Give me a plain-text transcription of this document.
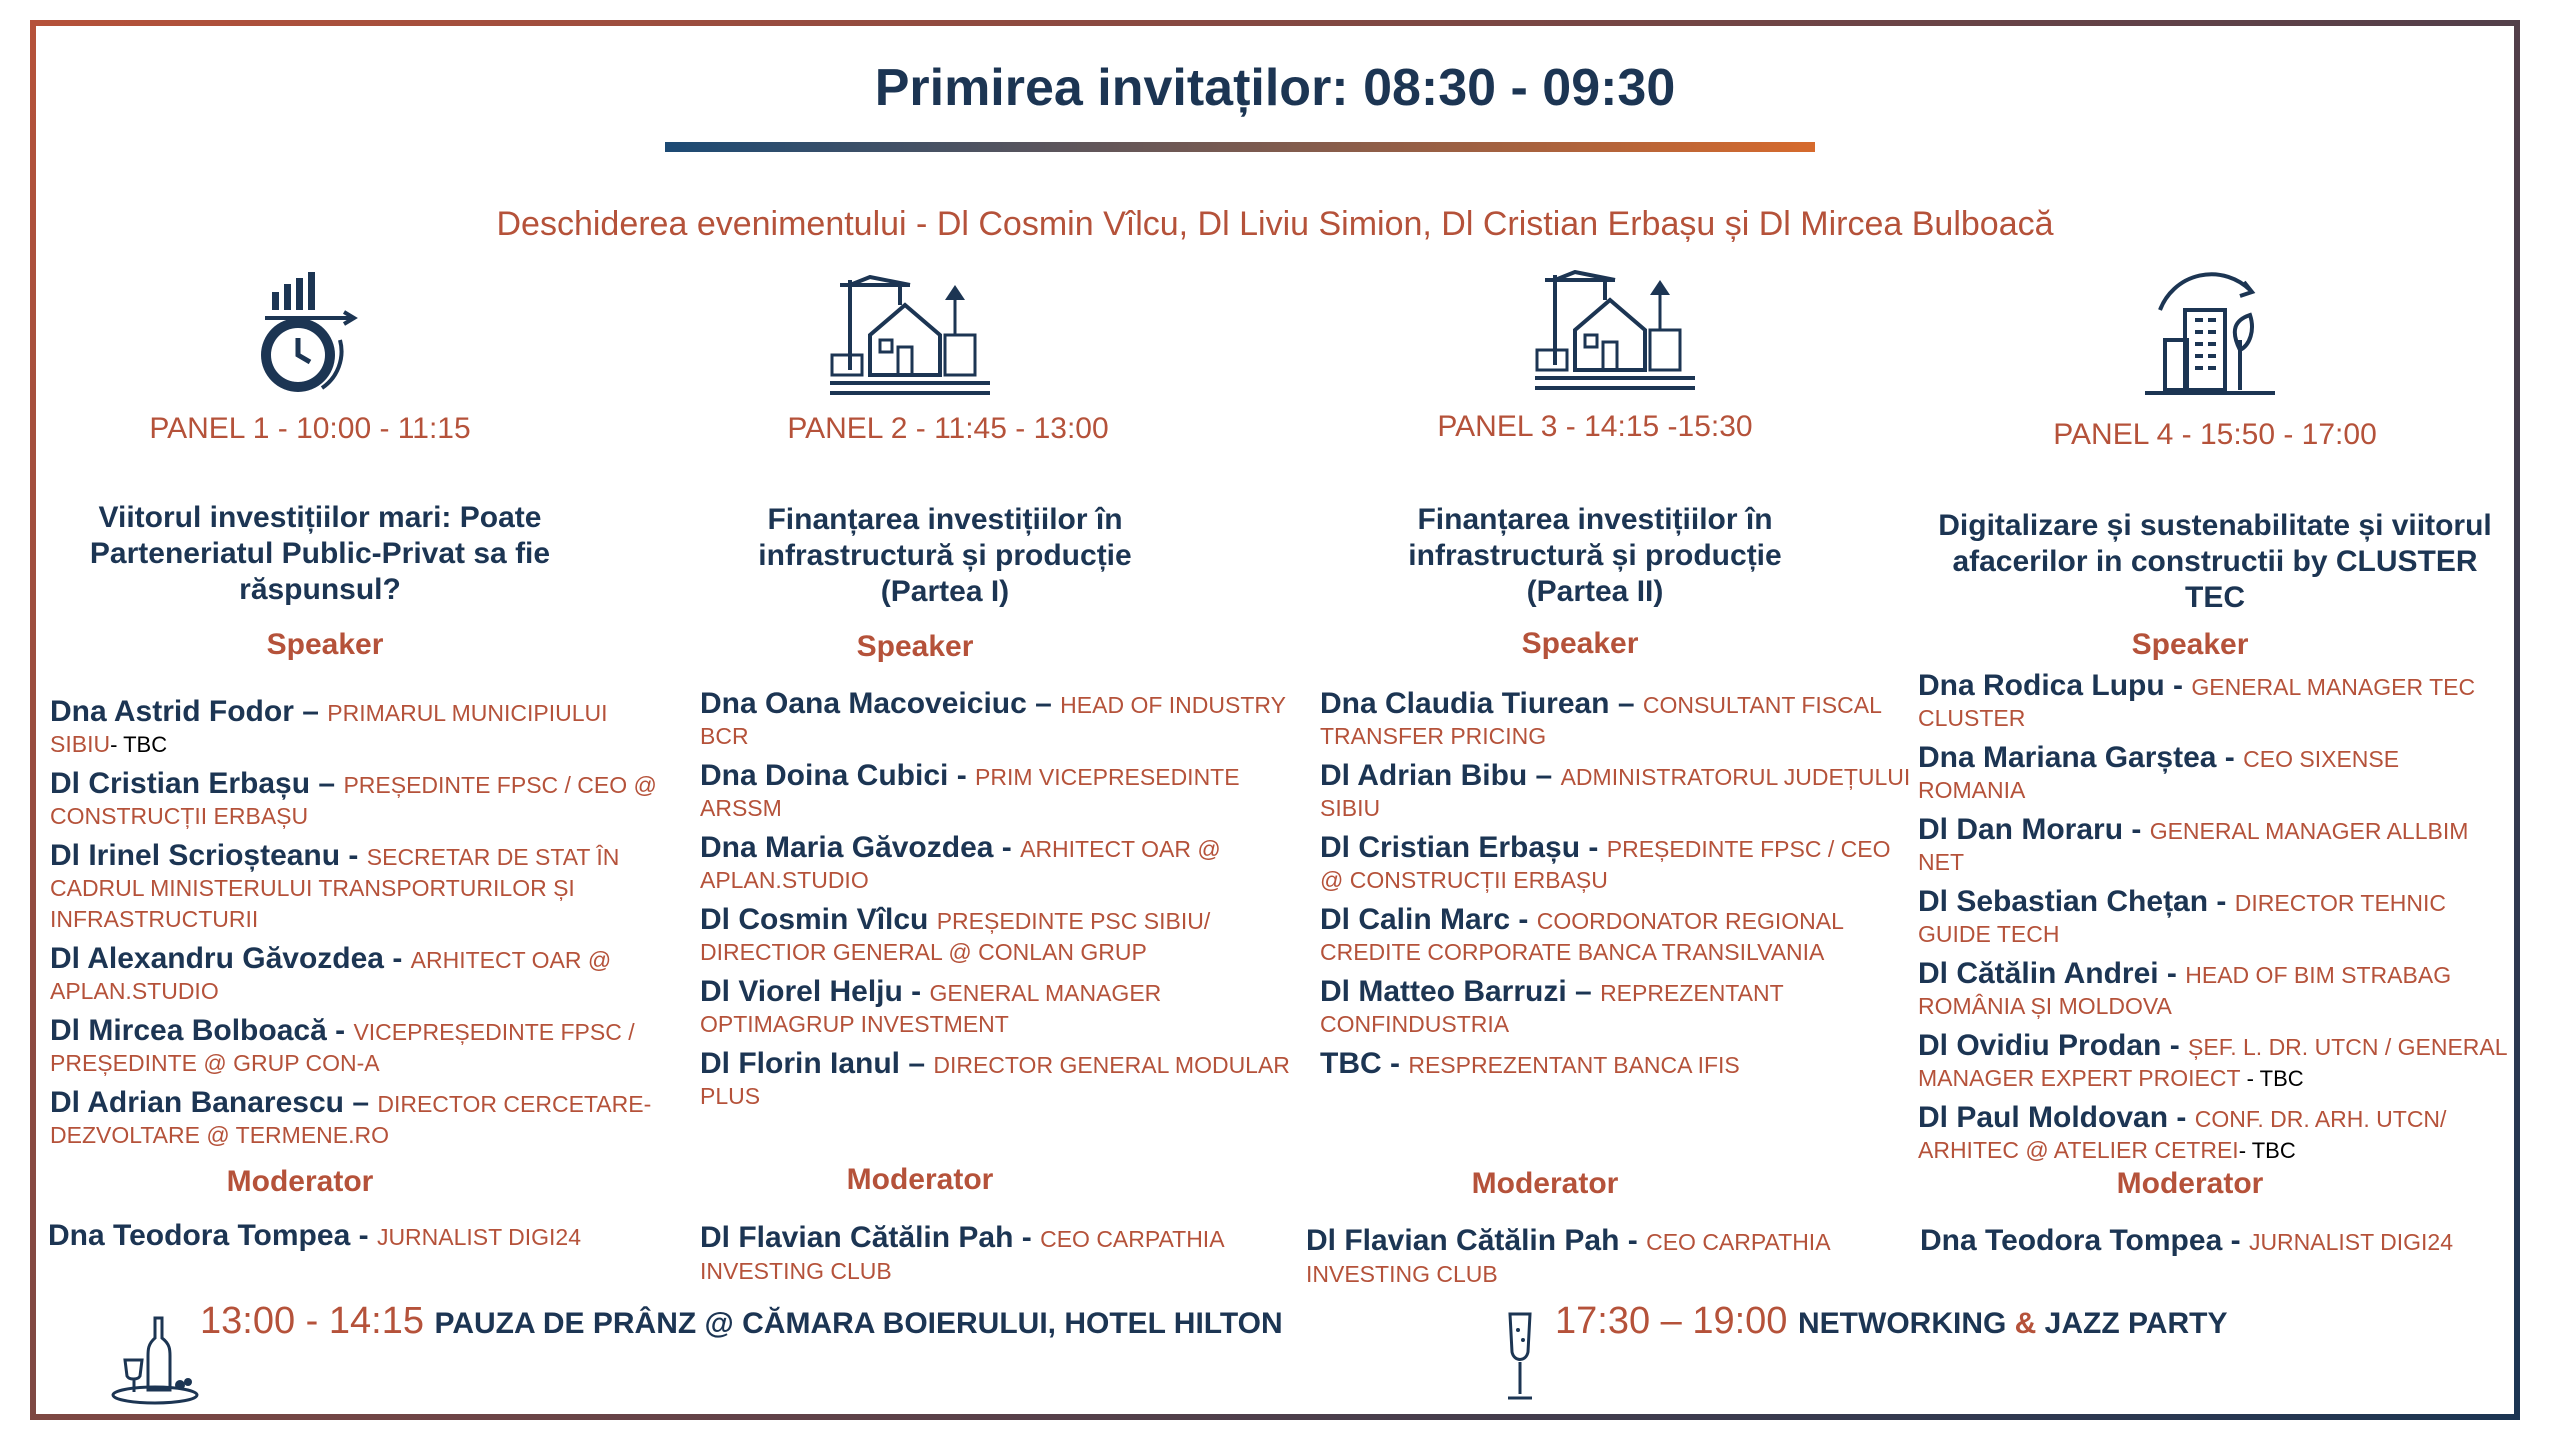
Primirea invitaților: 08:30 - 09:30
Deschiderea evenimentului - Dl Cosmin Vîlcu, Dl Liviu Simion, Dl Cristian Erbașu și Dl Mircea Bulboacă
PANEL 1 - 10:00 - 11:15
Viitorul investițiilor mari: Poate Parteneriatul Public-Privat sa fie răspunsul?
Speaker
Dna Astrid Fodor – PRIMARUL MUNICIPIULUI SIBIU- TBC
Dl Cristian Erbașu – PREȘEDINTE FPSC / CEO @ CONSTRUCȚII ERBAȘU
Dl Irinel Scrioșteanu - SECRETAR DE STAT ÎN CADRUL MINISTERULUI TRANSPORTURILOR ȘI INFRASTRUCTURII
Dl Alexandru Găvozdea - ARHITECT OAR @ APLAN.STUDIO
Dl Mircea Bolboacă - VICEPREȘEDINTE FPSC / PREȘEDINTE @ GRUP CON-A
Dl Adrian Banarescu – DIRECTOR CERCETARE-DEZVOLTARE @ TERMENE.RO
Moderator
Dna Teodora Tompea - JURNALIST DIGI24
PANEL 2 - 11:45 - 13:00
Finanțarea investițiilor în infrastructură și producție (Partea I)
Speaker
Dna Oana Macoveiciuc – HEAD OF INDUSTRY BCR
Dna Doina Cubici - PRIM VICEPRESEDINTE ARSSM
Dna Maria Găvozdea - ARHITECT OAR @ APLAN.STUDIO
Dl Cosmin Vîlcu PREȘEDINTE PSC SIBIU/ DIRECTIOR GENERAL @ CONLAN GRUP
Dl Viorel Helju - GENERAL MANAGER OPTIMAGRUP INVESTMENT
Dl Florin Ianul – DIRECTOR GENERAL MODULAR PLUS
Moderator
Dl Flavian Cătălin Pah - CEO CARPATHIA INVESTING CLUB
PANEL 3 - 14:15 -15:30
Finanțarea investițiilor în infrastructură și producție (Partea II)
Speaker
Dna Claudia Tiurean – CONSULTANT FISCAL TRANSFER PRICING
Dl Adrian Bibu – ADMINISTRATORUL JUDEȚULUI SIBIU
Dl Cristian Erbașu - PREȘEDINTE FPSC / CEO @ CONSTRUCȚII ERBAȘU
Dl Calin Marc - COORDONATOR REGIONAL CREDITE CORPORATE BANCA TRANSILVANIA
Dl Matteo Barruzi – REPREZENTANT CONFINDUSTRIA
TBC - RESPREZENTANT BANCA IFIS
Moderator
Dl Flavian Cătălin Pah - CEO CARPATHIA INVESTING CLUB
PANEL 4 - 15:50 - 17:00
Digitalizare și sustenabilitate și viitorul afacerilor in constructii by CLUSTER TEC
Speaker
Dna Rodica Lupu - GENERAL MANAGER TEC CLUSTER
Dna Mariana Garștea - CEO SIXENSE ROMANIA
Dl Dan Moraru - GENERAL MANAGER ALLBIM NET
Dl Sebastian Chețan - DIRECTOR TEHNIC GUIDE TECH
Dl Cătălin Andrei - HEAD OF BIM STRABAG ROMÂNIA ȘI MOLDOVA
Dl Ovidiu Prodan - ȘEF. L. DR. UTCN / GENERAL MANAGER EXPERT PROIECT - TBC
Dl Paul Moldovan - CONF. DR. ARH. UTCN/ ARHITEC @ ATELIER CETREI- TBC
Moderator
Dna Teodora Tompea - JURNALIST DIGI24
13:00 - 14:15 PAUZA DE PRÂNZ @ CĂMARA BOIERULUI, HOTEL HILTON	17:30 – 19:00 NETWORKING & JAZZ PARTY
